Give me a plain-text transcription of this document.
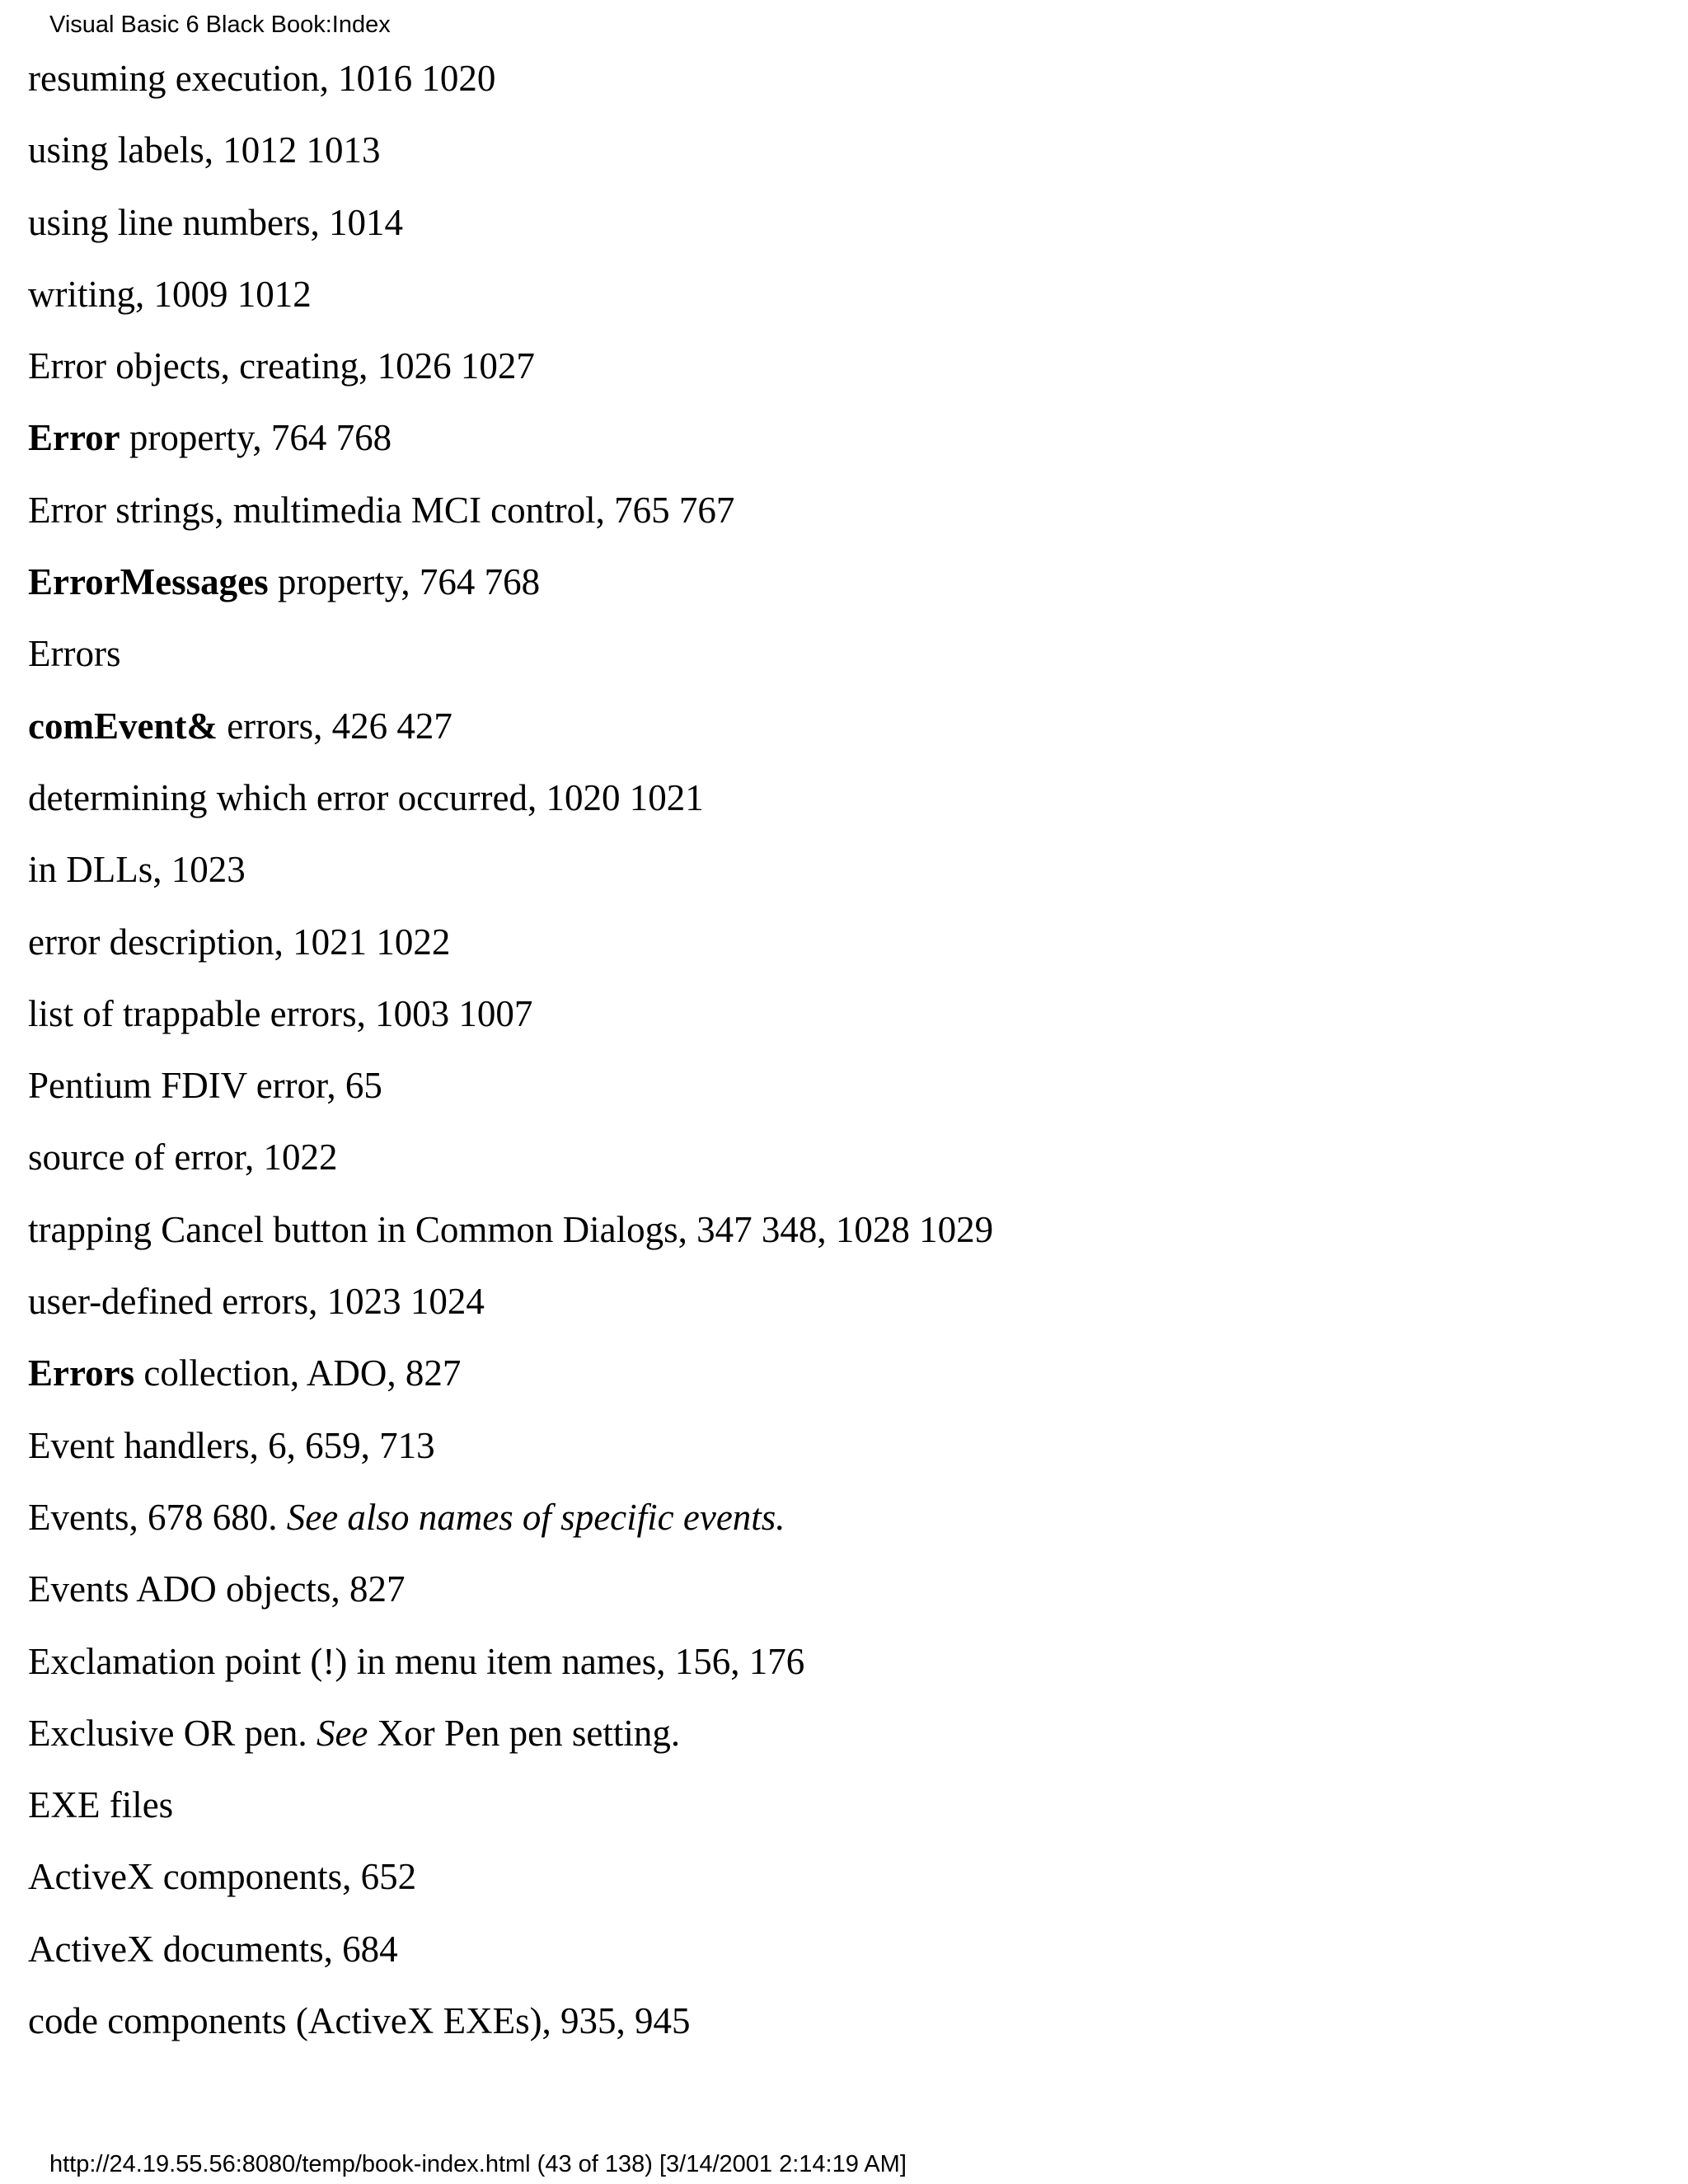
Visual Basic 6 Black Book:Index
resuming execution, 1016 1020
using labels, 1012 1013
using line numbers, 1014
writing, 1009 1012
Error objects, creating, 1026 1027
Error property, 764 768
Error strings, multimedia MCI control, 765 767
ErrorMessages property, 764 768
Errors
comEvent& errors, 426 427
determining which error occurred, 1020 1021
in DLLs, 1023
error description, 1021 1022
list of trappable errors, 1003 1007
Pentium FDIV error, 65
source of error, 1022
trapping Cancel button in Common Dialogs, 347 348, 1028 1029
user-defined errors, 1023 1024
Errors collection, ADO, 827
Event handlers, 6, 659, 713
Events, 678 680. See also names of specific events.
Events ADO objects, 827
Exclamation point (!) in menu item names, 156, 176
Exclusive OR pen. See Xor Pen pen setting.
EXE files
ActiveX components, 652
ActiveX documents, 684
code components (ActiveX EXEs), 935, 945
http://24.19.55.56:8080/temp/book-index.html (43 of 138) [3/14/2001 2:14:19 AM]
